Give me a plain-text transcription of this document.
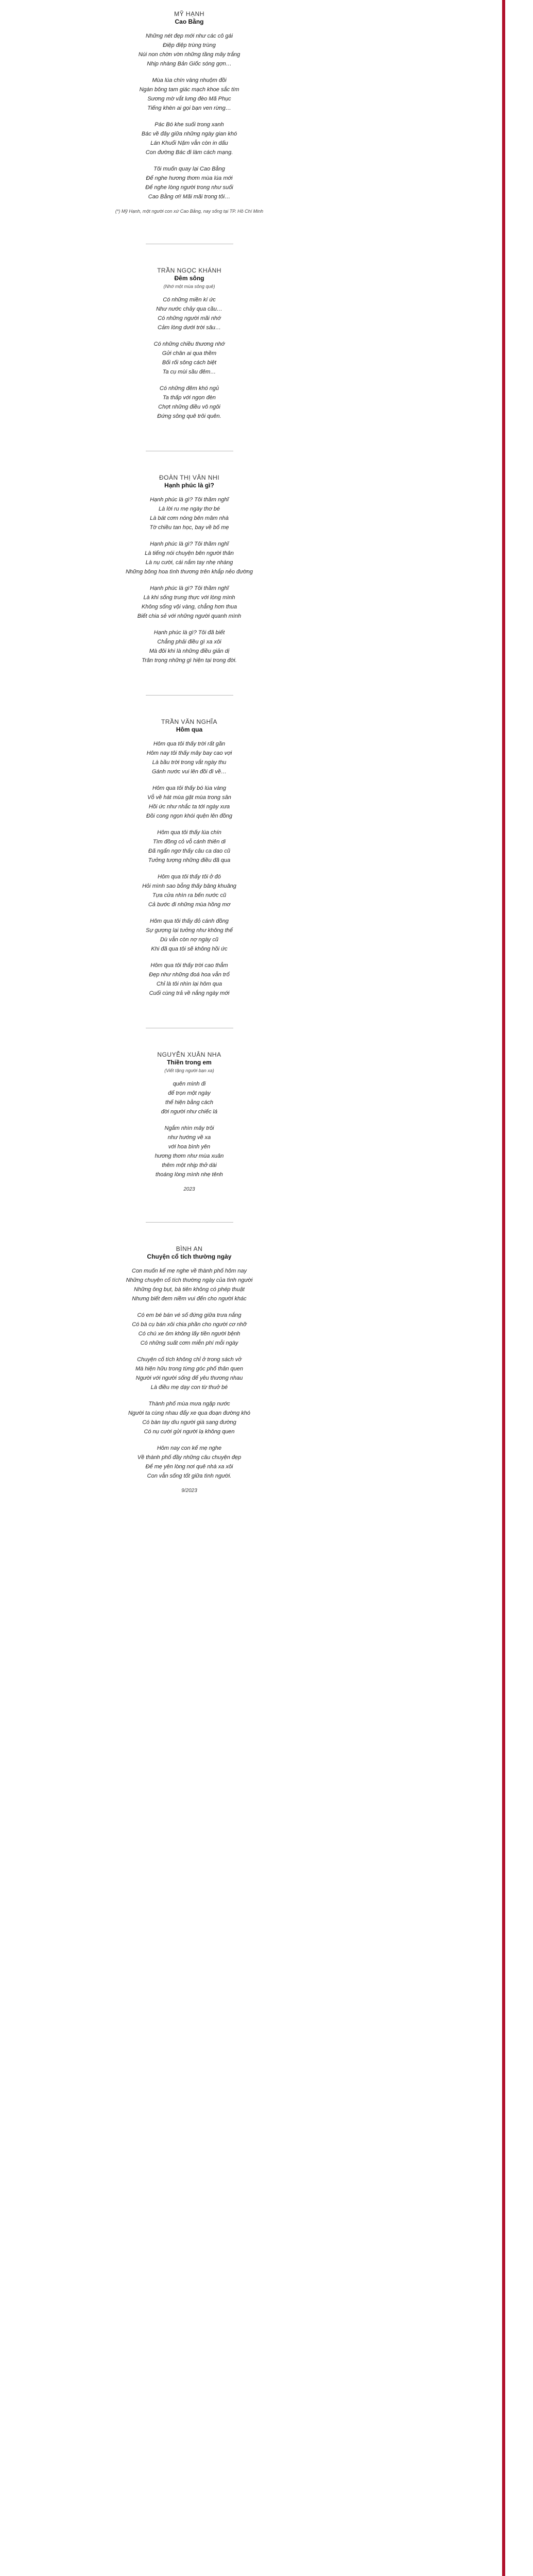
MỸ HẠNH
Cao Bằng
Những nét đẹp mới như các cô gái
Điệp điệp trùng trùng
Núi non chờn vờn những tầng mây trắng
Nhịp nhàng Bản Giốc sóng gợn…
Mùa lúa chín vàng nhuộm đồi
Ngàn bông tam giác mạch khoe sắc tím
Sương mờ vắt lưng đèo Mã Phục
Tiếng khèn ai gọi bạn ven rừng…
Pác Bó khe suối trong xanh
Bác về đây giữa những ngày gian khó
Lán Khuổi Nặm vẫn còn in dấu
Con đường Bác đi làm cách mạng.
Tôi muốn quay lại Cao Bằng
Để nghe hương thơm mùa lúa mới
Để nghe lòng người trong như suối
Cao Bằng ơi! Mãi mãi trong tôi…
(*) Mỹ Hạnh, một người con xứ Cao Bằng, nay sống tại TP. Hồ Chí Minh
TRẦN NGỌC KHÁNH
Đêm sông
(Nhớ một mùa sông quê)
Có những miền kí ức
Như nước chảy qua cầu…
Có những người mãi nhớ
Cảm lòng dưới trời sâu…
Có những chiều thương nhớ
Gửi chân ai qua thềm
Bối rối sông cách biệt
Ta cụ mùi sầu đêm…
Có những đêm khó ngủ
Ta thấp với ngọn đèn
Chợt những điều vô ngôi
Đứng sông quê trôi quên.
ĐOÀN THỊ VÂN NHI
Hạnh phúc là gì?
Hạnh phúc là gì? Tôi thầm nghĩ
Là lời ru mẹ ngày thơ bé
Là bát cơm nóng bên mâm nhà
Tờ chiều tan học, bay về bố mẹ
Hạnh phúc là gì? Tôi thầm nghĩ
Là tiếng nói chuyện bên người thân
Là nụ cười, cái nắm tay nhẹ nhàng
Những bông hoa tình thương trên khắp nẻo đường
Hạnh phúc là gì? Tôi thầm nghĩ
Là khi sống trung thực với lòng mình
Không sống vội vàng, chẳng hơn thua
Biết chia sẻ với những người quanh mình
Hạnh phúc là gì? Tôi đã biết
Chẳng phải điều gì xa xôi
Mà đôi khi là những điều giản dị
Trân trọng những gì hiện tại trong đời.
TRẦN VĂN NGHĨA
Hôm qua
Hôm qua tôi thấy trời rất gần
Hôm nay tôi thấy mây bay cao vợi
Là bầu trời trong vắt ngày thu
Gánh nước vui lên đồi đi về…
Hôm qua tôi thấy bó lúa vàng
Vỗ về hát mùa gặt mùa trong sân
Hồi ức như nhắc ta tới ngày xưa
Đồi cong ngọn khói quện lên đồng
Hôm qua tôi thấy lúa chín
Tìm đồng cỏ vỗ cánh thiên di
Đã ngẩn ngơ thấy câu ca dao cũ
Tưởng tượng những điều đã qua
Hôm qua tôi thấy tôi ở đó
Hỏi mình sao bỗng thấy bâng khuâng
Tựa cửa nhìn ra bến nước cũ
Cả bước đi những mùa hồng mơ
Hôm qua tôi thấy đỏ cánh đồng
Sự gượng lại tưởng như không thể
Dù vẫn còn nợ ngày cũ
Khi đã qua tôi sẽ không hồi ức
Hôm qua tôi thấy trời cao thẳm
Đẹp như những đoá hoa vẫn trổ
Chỉ là tôi nhìn lại hôm qua
Cuối cùng trả về nắng ngày mới
NGUYỄN XUÂN NHA
Thiền trong em
(Viết tặng người bạn xa)
quên mình đi
để trọn một ngày
thể hiện bằng cách
đời người như chiếc lá
Ngắm nhìn mây trôi
như hướng về xa
với hoa bình yên
hương thơm như mùa xuân
thêm một nhịp thở dài
thoáng lòng mình nhẹ tênh
2023
BÌNH AN
Chuyện cổ tích thường ngày
Con muốn kể mẹ nghe về thành phố hôm nay
Những chuyện cổ tích thường ngày của tình người
Những ông bụt, bà tiên không có phép thuật
Nhưng biết đem niềm vui đến cho người khác
Có em bé bán vé số đứng giữa trưa nắng
Có bà cụ bán xôi chia phần cho người cơ nhỡ
Có chú xe ôm không lấy tiền người bệnh
Có những suất cơm miễn phí mỗi ngày
Chuyện cổ tích không chỉ ở trong sách vở
Mà hiện hữu trong từng góc phố thân quen
Người với người sống để yêu thương nhau
Là điều mẹ dạy con từ thuở bé
Thành phố mùa mưa ngập nước
Người ta cùng nhau đẩy xe qua đoạn đường khó
Có bàn tay dìu người già sang đường
Có nụ cười gửi người lạ không quen
Hôm nay con kể mẹ nghe
Về thành phố đầy những câu chuyện đẹp
Để mẹ yên lòng nơi quê nhà xa xôi
Con vẫn sống tốt giữa tình người.
9/2023
